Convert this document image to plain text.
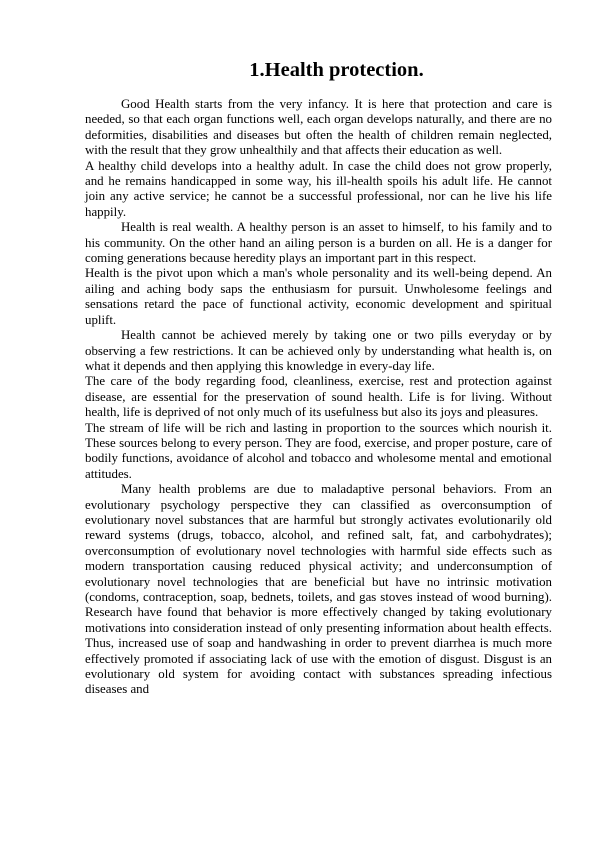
1.Health protection.

Good Health starts from the very infancy. It is here that protection and care is needed, so that each organ functions well, each organ develops naturally, and there are no deformities, disabilities and diseases but often the health of children remain neglected, with the result that they grow unhealthily and that affects their education as well.

A healthy child develops into a healthy adult. In case the child does not grow properly, and he remains handicapped in some way, his ill-health spoils his adult life. He cannot join any active service; he cannot be a successful professional, nor can he live his life happily.

Health is real wealth. A healthy person is an asset to himself, to his family and to his community. On the other hand an ailing person is a burden on all. He is a danger for coming generations because heredity plays an important part in this respect.

Health is the pivot upon which a man's whole personality and its well-being depend. An ailing and aching body saps the enthusiasm for pursuit. Unwholesome feelings and sensations retard the pace of functional activity, economic development and spiritual uplift.

Health cannot be achieved merely by taking one or two pills everyday or by observing a few restrictions. It can be achieved only by understanding what health is, on what it depends and then applying this knowledge in every-day life.

The care of the body regarding food, cleanliness, exercise, rest and protection against disease, are essential for the preservation of sound health. Life is for living. Without health, life is deprived of not only much of its usefulness but also its joys and pleasures.

The stream of life will be rich and lasting in proportion to the sources which nourish it. These sources belong to every person. They are food, exercise, and proper posture, care of bodily functions, avoidance of alcohol and tobacco and wholesome mental and emotional attitudes.

Many health problems are due to maladaptive personal behaviors. From an evolutionary psychology perspective they can classified as overconsumption of evolutionary novel substances that are harmful but strongly activates evolutionarily old reward systems (drugs, tobacco, alcohol, and refined salt, fat, and carbohydrates); overconsumption of evolutionary novel technologies with harmful side effects such as modern transportation causing reduced physical activity; and underconsumption of evolutionary novel technologies that are beneficial but have no intrinsic motivation (condoms, contraception, soap, bednets, toilets, and gas stoves instead of wood burning). Research have found that behavior is more effectively changed by taking evolutionary motivations into consideration instead of only presenting information about health effects. Thus, increased use of soap and handwashing in order to prevent diarrhea is much more effectively promoted if associating lack of use with the emotion of disgust. Disgust is an evolutionary old system for avoiding contact with substances spreading infectious diseases and
